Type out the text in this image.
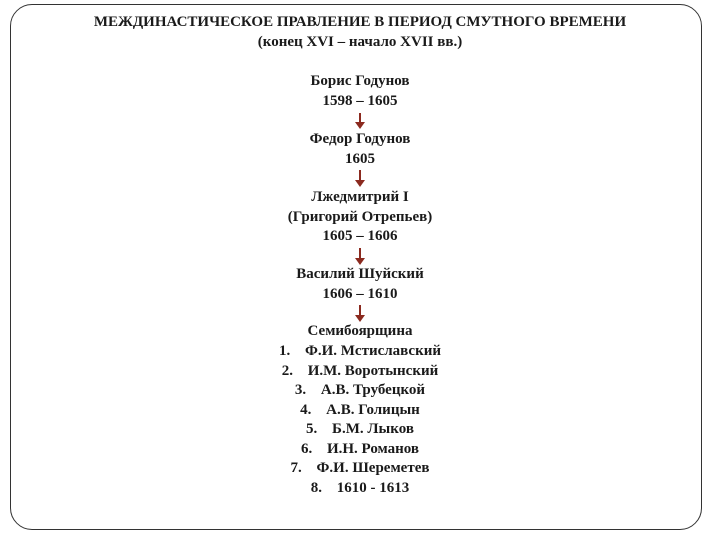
МЕЖДИНАСТИЧЕСКОЕ ПРАВЛЕНИЕ В ПЕРИОД СМУТНОГО ВРЕМЕНИ
(конец XVI – начало XVII вв.)
Борис Годунов
1598 – 1605
Федор Годунов
1605
Лжедмитрий I
(Григорий Отрепьев)
1605 – 1606
Василий Шуйский
1606 – 1610
Семибоярщина
1. Ф.И. Мстиславский
2. И.М. Воротынский
3. А.В. Трубецкой
4. А.В. Голицын
5. Б.М. Лыков
6. И.Н. Романов
7. Ф.И. Шереметев
8. 1610 - 1613
